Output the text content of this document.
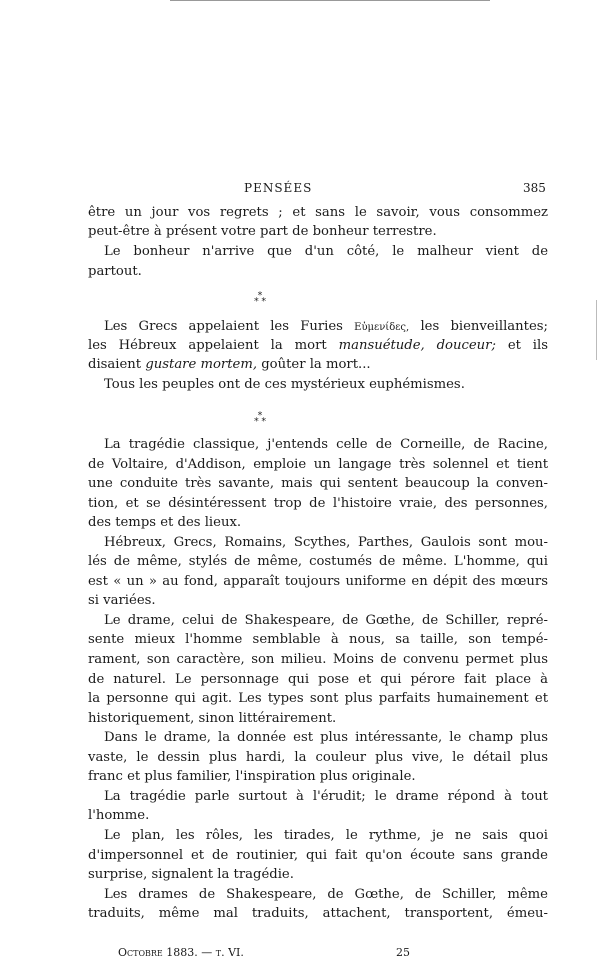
PENSÉES	385
être un jour vos regrets ; et sans le savoir, vous consommez
peut-être à présent votre part de bonheur terrestre.
Le bonheur n'arrive que d'un côté, le malheur vient de
partout.
⁎
⁎ ⁎
Les Grecs appelaient les Furies Εὐμενίδες, les bienveillantes;
les Hébreux appelaient la mort mansuétude, douceur; et ils
disaient gustare mortem, goûter la mort...
Tous les peuples ont de ces mystérieux euphémismes.
⁎
⁎ ⁎
La tragédie classique, j'entends celle de Corneille, de Racine,
de Voltaire, d'Addison, emploie un langage très solennel et tient
une conduite très savante, mais qui sentent beaucoup la conven-
tion, et se désintéressent trop de l'histoire vraie, des personnes,
des temps et des lieux.
Hébreux, Grecs, Romains, Scythes, Parthes, Gaulois sont mou-
lés de même, stylés de même, costumés de même. L'homme, qui
est « un » au fond, apparaît toujours uniforme en dépit des mœurs
si variées.
Le drame, celui de Shakespeare, de Gœthe, de Schiller, repré-
sente mieux l'homme semblable à nous, sa taille, son tempé-
rament, son caractère, son milieu. Moins de convenu permet plus
de naturel. Le personnage qui pose et qui pérore fait place à
la personne qui agit. Les types sont plus parfaits humainement et
historiquement, sinon littérairement.
Dans le drame, la donnée est plus intéressante, le champ plus
vaste, le dessin plus hardi, la couleur plus vive, le détail plus
franc et plus familier, l'inspiration plus originale.
La tragédie parle surtout à l'érudit; le drame répond à tout
l'homme.
Le plan, les rôles, les tirades, le rythme, je ne sais quoi
d'impersonnel et de routinier, qui fait qu'on écoute sans grande
surprise, signalent la tragédie.
Les drames de Shakespeare, de Gœthe, de Schiller, même
traduits, même mal traduits, attachent, transportent, émeu-
Octobre 1883. — t. VI.	25
